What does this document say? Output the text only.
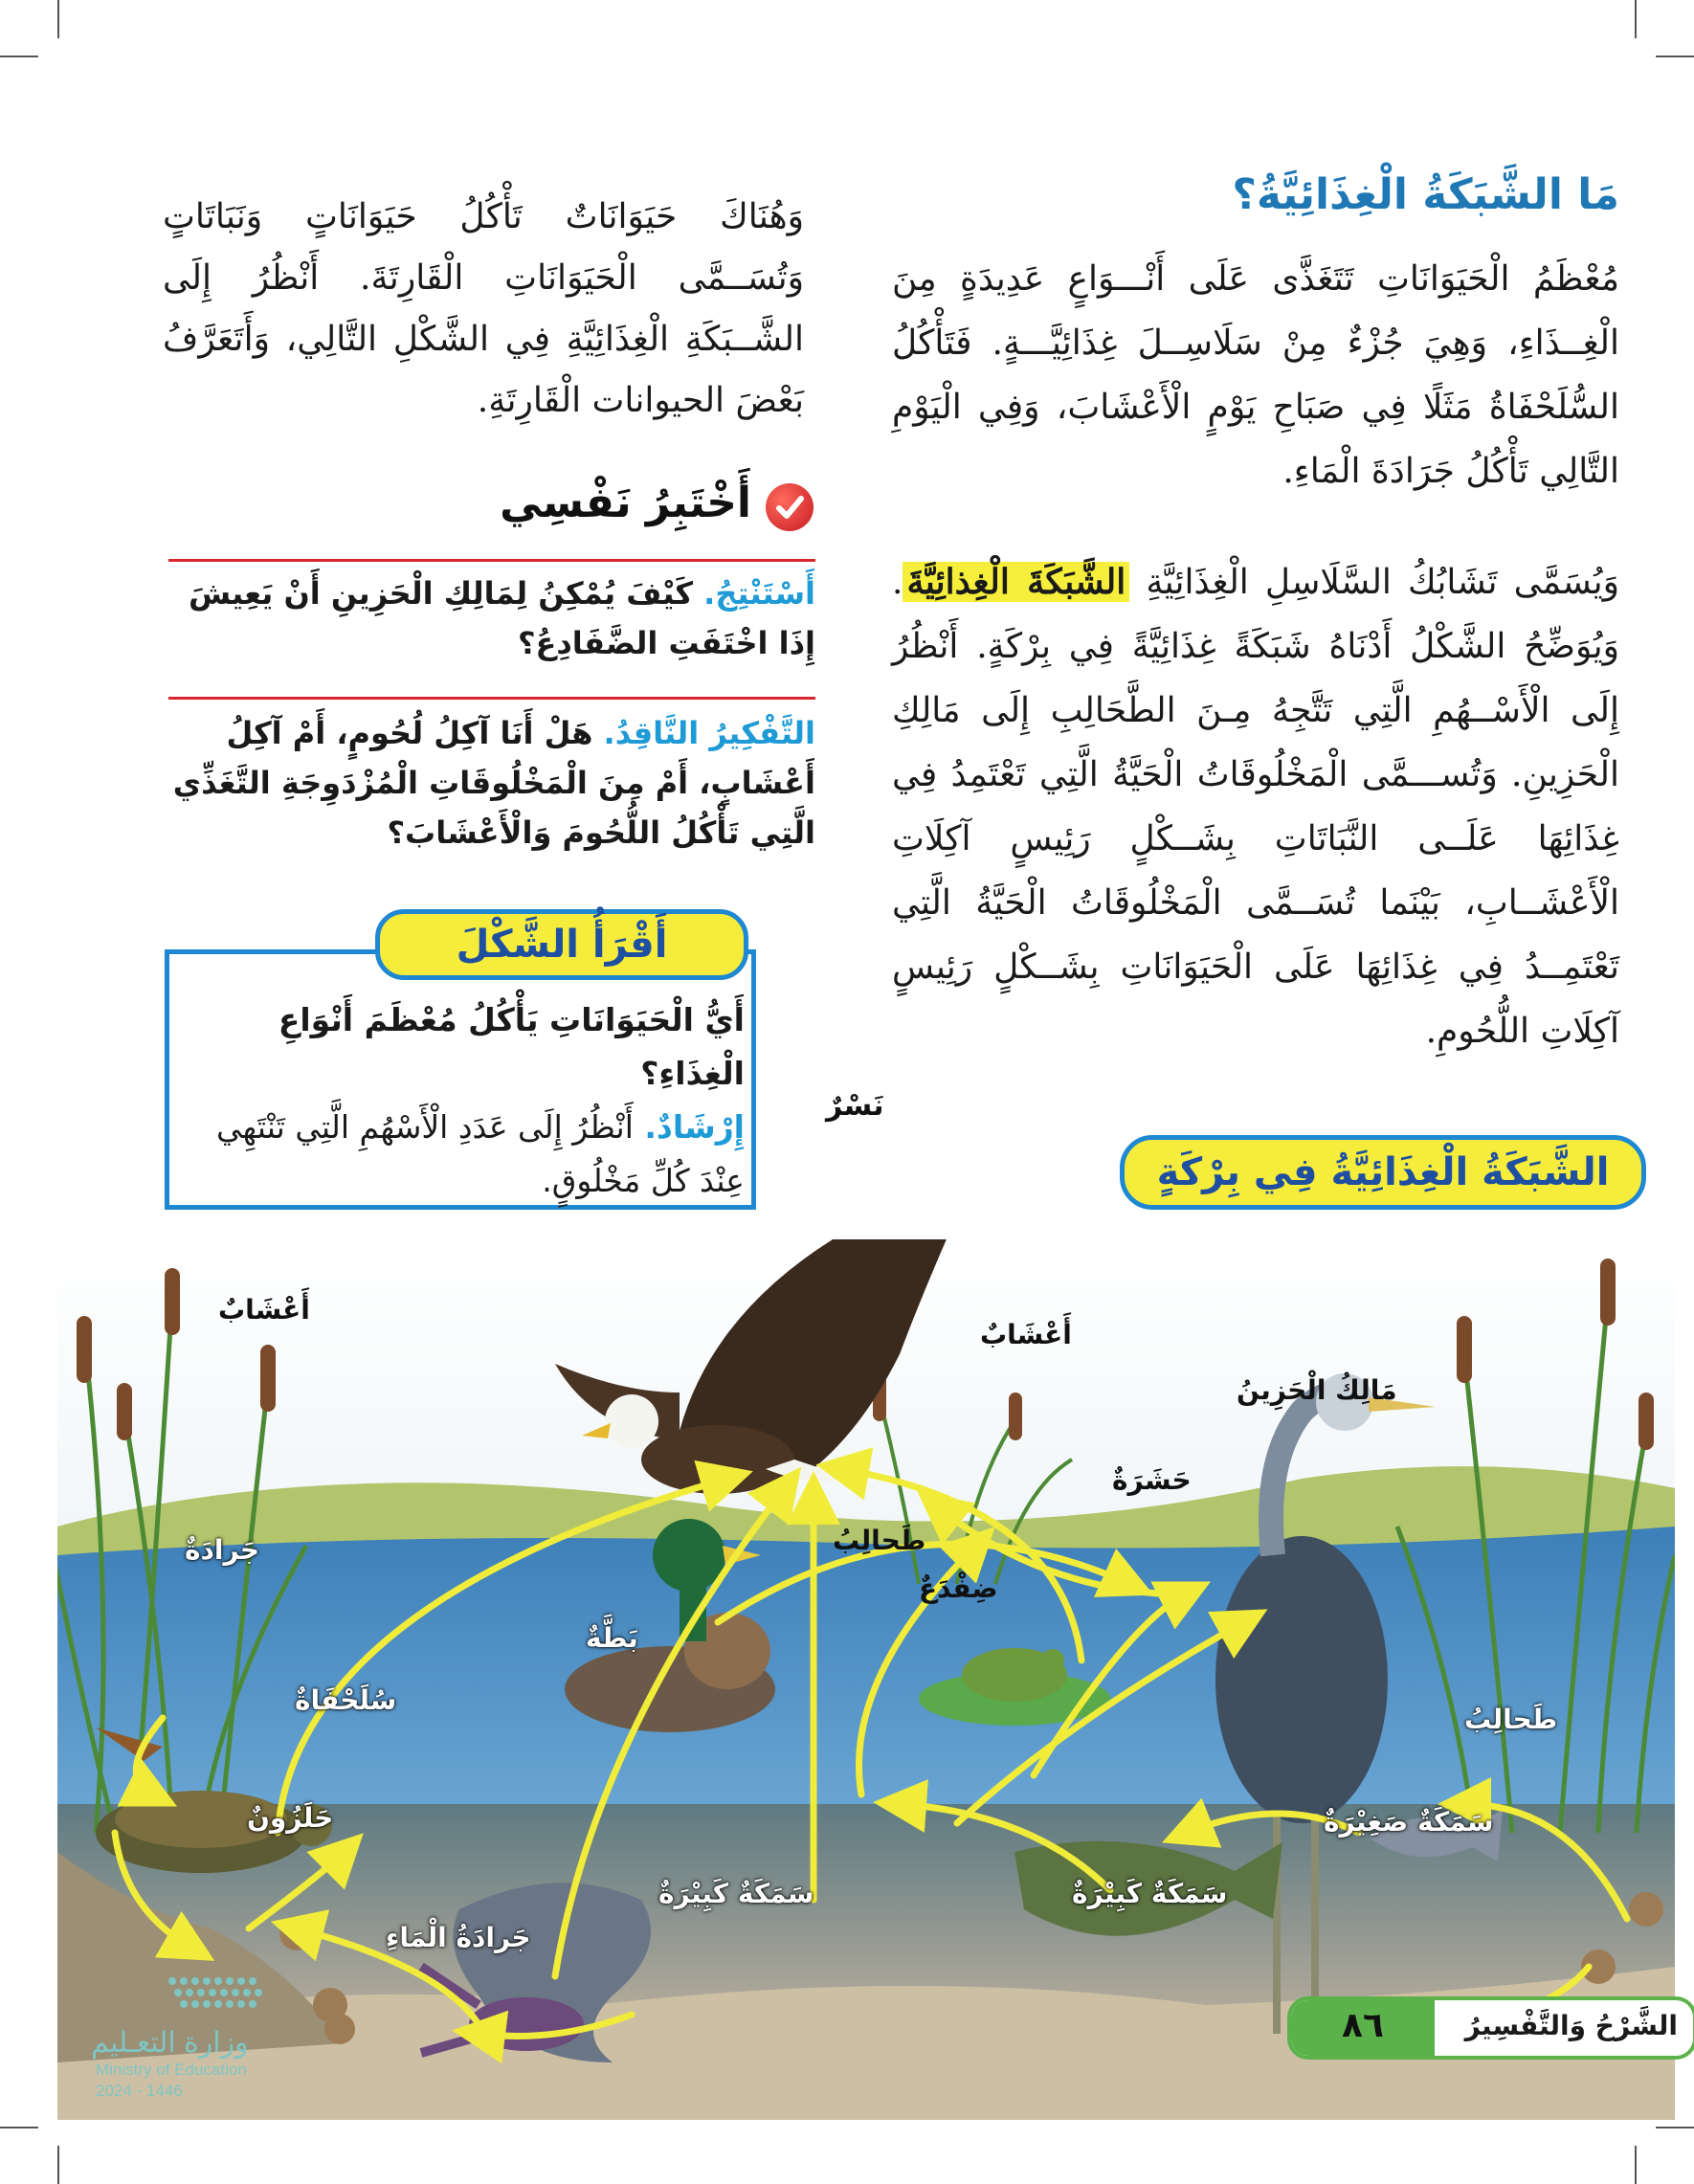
مَا الشَّبَكَةُ الْغِذَائِيَّةُ؟

مُعْظَمُ الْحَيَوَانَاتِ تَتَغَذَّى عَلَى أَنْـــوَاعٍ عَدِيدَةٍ مِنَ الْغِــذَاءِ، وَهِيَ جُزْءٌ مِنْ سَلَاسِــلَ غِذَائِيَّـــةٍ. فَتَأْكُلُ السُّلَحْفَاةُ مَثَلًا فِي صَبَاحِ يَوْمٍ الْأَعْشَابَ، وَفِي الْيَوْمِ التَّالِي تَأْكُلُ جَرَادَةَ الْمَاءِ.

وَيُسَمَّى تَشَابُكُ السَّلَاسِلِ الْغِذَائِيَّةِ الشَّبَكَةَ الْغِذائِيَّةَ. وَيُوَضِّحُ الشَّكْلُ أَدْنَاهُ شَبَكَةً غِذَائِيَّةً فِي بِرْكَةٍ. أَنْظُرُ إِلَى الْأَسْــهُمِ الَّتِي تَتَّجِهُ مِـنَ الطَّحَالِبِ إِلَى مَالِكِ الْحَزِينِ. وَتُســـمَّى الْمَخْلُوقَاتُ الْحَيَّةُ الَّتِي تَعْتَمِدُ فِي غِذَائِهَا عَلَــى النَّبَاتَاتِ بِشَــكْلٍ رَئِيسٍ آكِلَاتِ الْأَعْشَــابِ، بَيْنَما تُسَــمَّى الْمَخْلُوقَاتُ الْحَيَّةُ الَّتِي تَعْتَمِــدُ فِي غِذَائِهَا عَلَى الْحَيَوَانَاتِ بِشَــكْلٍ رَئِيسٍ آكِلَاتِ اللُّحُومِ.

وَهُنَاكَ حَيَوَانَاتٌ تَأْكُلُ حَيَوَانَاتٍ وَنَبَاتَاتٍ وَتُسَــمَّى الْحَيَوَانَاتِ الْقَارِتَةَ. أَنْظُرُ إِلَى الشَّــبَكَةِ الْغِذَائِيَّةِ فِي الشَّكْلِ التَّالِي، وَأَتَعَرَّفُ بَعْضَ الحيوانات الْقَارِتَةِ.

أَخْتَبِرُ نَفْسِي
أَسْتَنْتِجُ. كَيْفَ يُمْكِنُ لِمَالِكِ الْحَزِينِ أَنْ يَعِيشَ إِذَا اخْتَفَتِ الضَّفَادِعُ؟
التَّفْكِيرُ النَّاقِدُ. هَلْ أَنَا آكِلُ لُحُومٍ، أَمْ آكِلُ أَعْشَابٍ، أَمْ مِنَ الْمَخْلُوقَاتِ الْمُزْدَوِجَةِ التَّغَذِّي الَّتِي تَأْكُلُ اللُّحُومَ وَالْأَعْشَابَ؟
أَقْرَأُ الشَّكْلَ
أَيُّ الْحَيَوَانَاتِ يَأْكُلُ مُعْظَمَ أَنْوَاعِ الْغِذَاءِ؟
إِرْشَادٌ. أَنْظُرُ إِلَى عَدَدِ الْأَسْهُمِ الَّتِي تَنْتَهِي عِنْدَ كُلِّ مَخْلُوقٍ.	الشَّبَكَةُ الْغِذَائِيَّةُ فِي بِرْكَةٍ
نَسْرٌ
أَعْشَابٌ
أَعْشَابٌ
مَالِكُ الْحَزِينُ
حَشَرَةٌ
طَحالِبُ
ضِفْدَعٌ
جَرادَةٌ
بَطَّةٌ
سُلَحْفَاةٌ
طَحالِبُ
حَلَزُونٌ	سَمَكَةٌ صَغِيْرَةٌ
سَمَكَةٌ كَبِيْرَةٌ	سَمَكَةٌ كَبِيْرَةٌ
جَرادَةُ الْمَاءِ
الشَّرْحُ وَالتَّفْسِيرُ
٨٦
وزارة التعـليم
Ministry of Education
2024 - 1446
